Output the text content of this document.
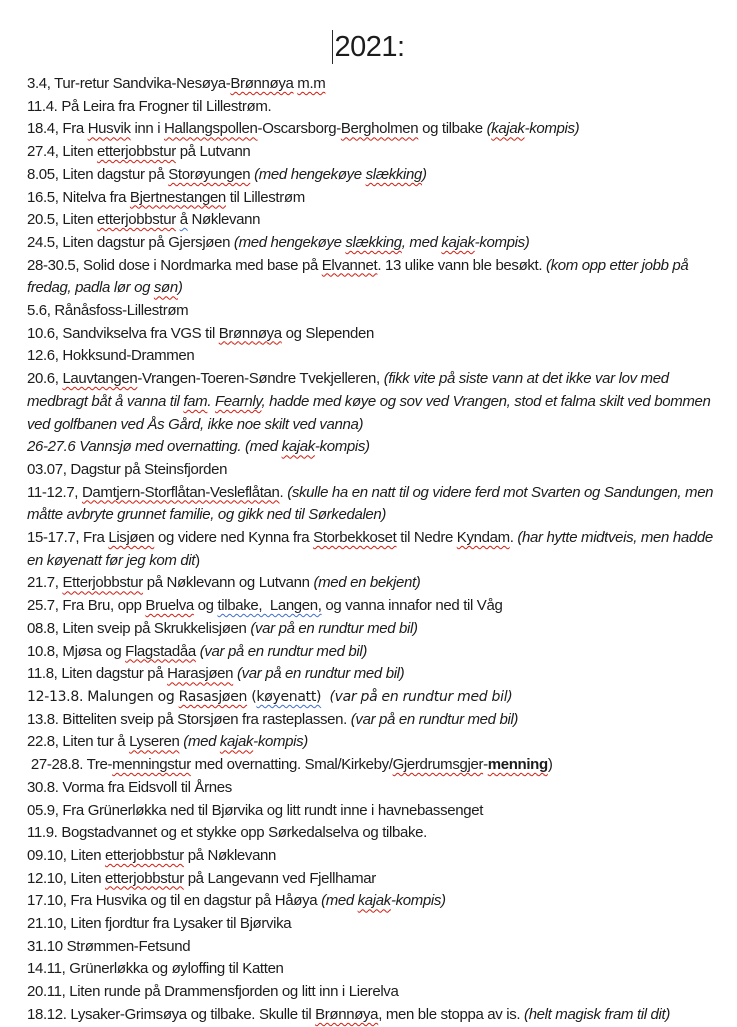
2021:

3.4, Tur-retur Sandvika-Nesøya-Brønnøya m.m

11.4. På Leira fra Frogner til Lillestrøm.

18.4, Fra Husvik inn i Hallangspollen-Oscarsborg-Bergholmen og tilbake (kajak-kompis)

27.4, Liten etterjobbstur på Lutvann

8.05, Liten dagstur på Storøyungen (med hengekøye slækking)

16.5, Nitelva fra Bjertnestangen til Lillestrøm

20.5, Liten etterjobbstur å Nøklevann

24.5, Liten dagstur på Gjersjøen (med hengekøye slækking, med kajak-kompis)

28-30.5, Solid dose i Nordmarka med base på Elvannet. 13 ulike vann ble besøkt. (kom opp etter jobb på fredag, padla lør og søn)

5.6, Rånåsfoss-Lillestrøm

10.6, Sandvikselva fra VGS til Brønnøya og Slependen

12.6, Hokksund-Drammen

20.6, Lauvtangen-Vrangen-Toeren-Søndre Tvekjelleren, (fikk vite på siste vann at det ikke var lov med medbragt båt å vanna til fam. Fearnly, hadde med køye og sov ved Vrangen, stod et falma skilt ved bommen ved golfbanen ved Ås Gård, ikke noe skilt ved vanna)

26-27.6 Vannsjø med overnatting. (med kajak-kompis)

03.07, Dagstur på Steinsfjorden

11-12.7, Damtjern-Storflåtan-Vesleflåtan. (skulle ha en natt til og videre ferd mot Svarten og Sandungen, men måtte avbryte grunnet familie, og gikk ned til Sørkedalen)

15-17.7, Fra Lisjøen og videre ned Kynna fra Storbekkoset til Nedre Kyndam. (har hytte midtveis, men hadde en køyenatt før jeg kom dit)

21.7, Etterjobbstur på Nøklevann og Lutvann (med en bekjent)

25.7, Fra Bru, opp Bruelva og tilbake,  Langen, og vanna innafor ned til Våg

08.8, Liten sveip på Skrukkelisjøen (var på en rundtur med bil)

10.8, Mjøsa og Flagstadåa (var på en rundtur med bil)

11.8, Liten dagstur på Harasjøen (var på en rundtur med bil)

12-13.8. Malungen og Rasasjøen (køyenatt) (var på en rundtur med bil)

13.8. Bitteliten sveip på Storsjøen fra rasteplassen. (var på en rundtur med bil)

22.8, Liten tur å Lyseren (med kajak-kompis)

27-28.8. Tre-menningstur med overnatting. Smal/Kirkeby/Gjerdrumsgjer-menning)

30.8. Vorma fra Eidsvoll til Årnes

05.9, Fra Grünerløkka ned til Bjørvika og litt rundt inne i havnebassenget

11.9. Bogstadvannet og et stykke opp Sørkedalselva og tilbake.

09.10, Liten etterjobbstur på Nøklevann

12.10, Liten etterjobbstur på Langevann ved Fjellhamar

17.10, Fra Husvika og til en dagstur på Håøya (med kajak-kompis)

21.10, Liten fjordtur fra Lysaker til Bjørvika

31.10 Strømmen-Fetsund

14.11, Grünerløkka og øyloffing til Katten

20.11, Liten runde på Drammensfjorden og litt inn i Lierelva

18.12. Lysaker-Grimsøya og tilbake. Skulle til Brønnøya, men ble stoppa av is. (helt magisk fram til dit)
